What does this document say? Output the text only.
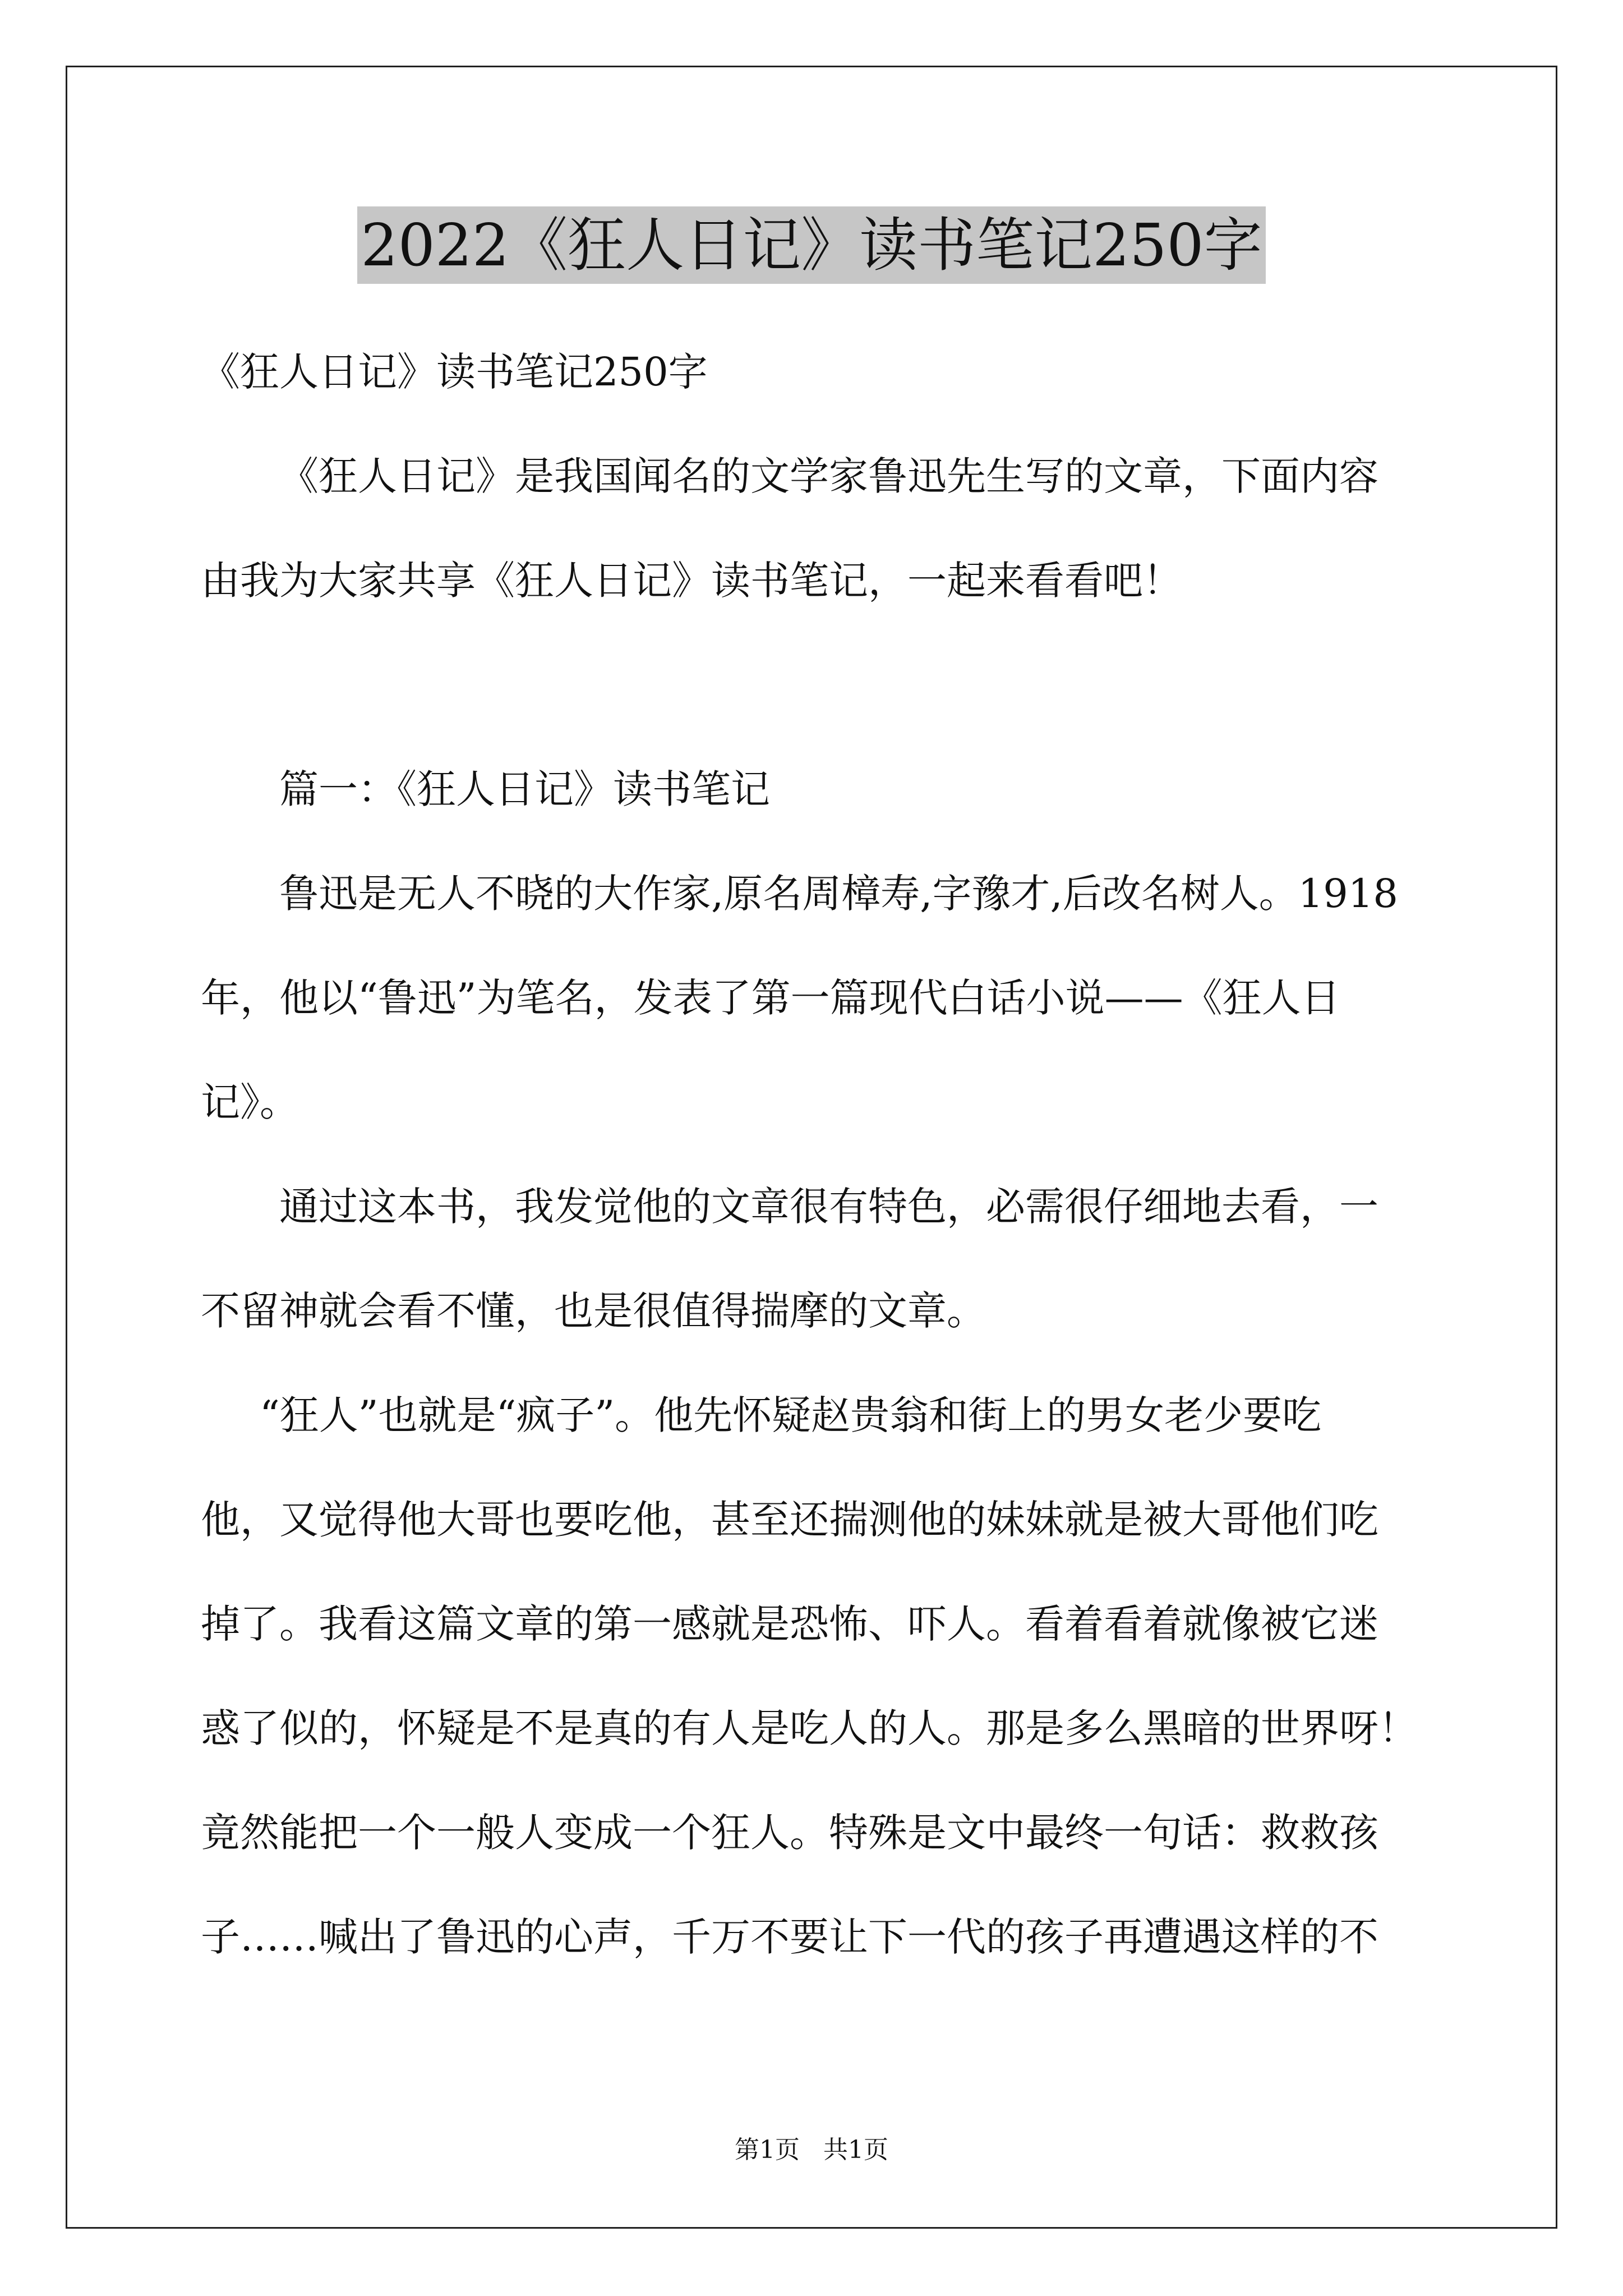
2022《狂人日记》读书笔记250字

《狂人日记》读书笔记250字

《狂人日记》是我国闻名的文学家鲁迅先生写的文章，下面内容
由我为大家共享《狂人日记》读书笔记，一起来看看吧！

篇一：《狂人日记》读书笔记

鲁迅是无人不晓的大作家,原名周樟寿,字豫才,后改名树人。1918
年，他以“鲁迅”为笔名，发表了第一篇现代白话小说——《狂人日
记》。

通过这本书，我发觉他的文章很有特色，必需很仔细地去看，一
不留神就会看不懂，也是很值得揣摩的文章。

“狂人”也就是“疯子”。他先怀疑赵贵翁和街上的男女老少要吃
他，又觉得他大哥也要吃他，甚至还揣测他的妹妹就是被大哥他们吃
掉了。我看这篇文章的第一感就是恐怖、吓人。看着看着就像被它迷
惑了似的，怀疑是不是真的有人是吃人的人。那是多么黑暗的世界呀！
竟然能把一个一般人变成一个狂人。特殊是文中最终一句话：救救孩
子……喊出了鲁迅的心声，千万不要让下一代的孩子再遭遇这样的不

第1页   共1页
